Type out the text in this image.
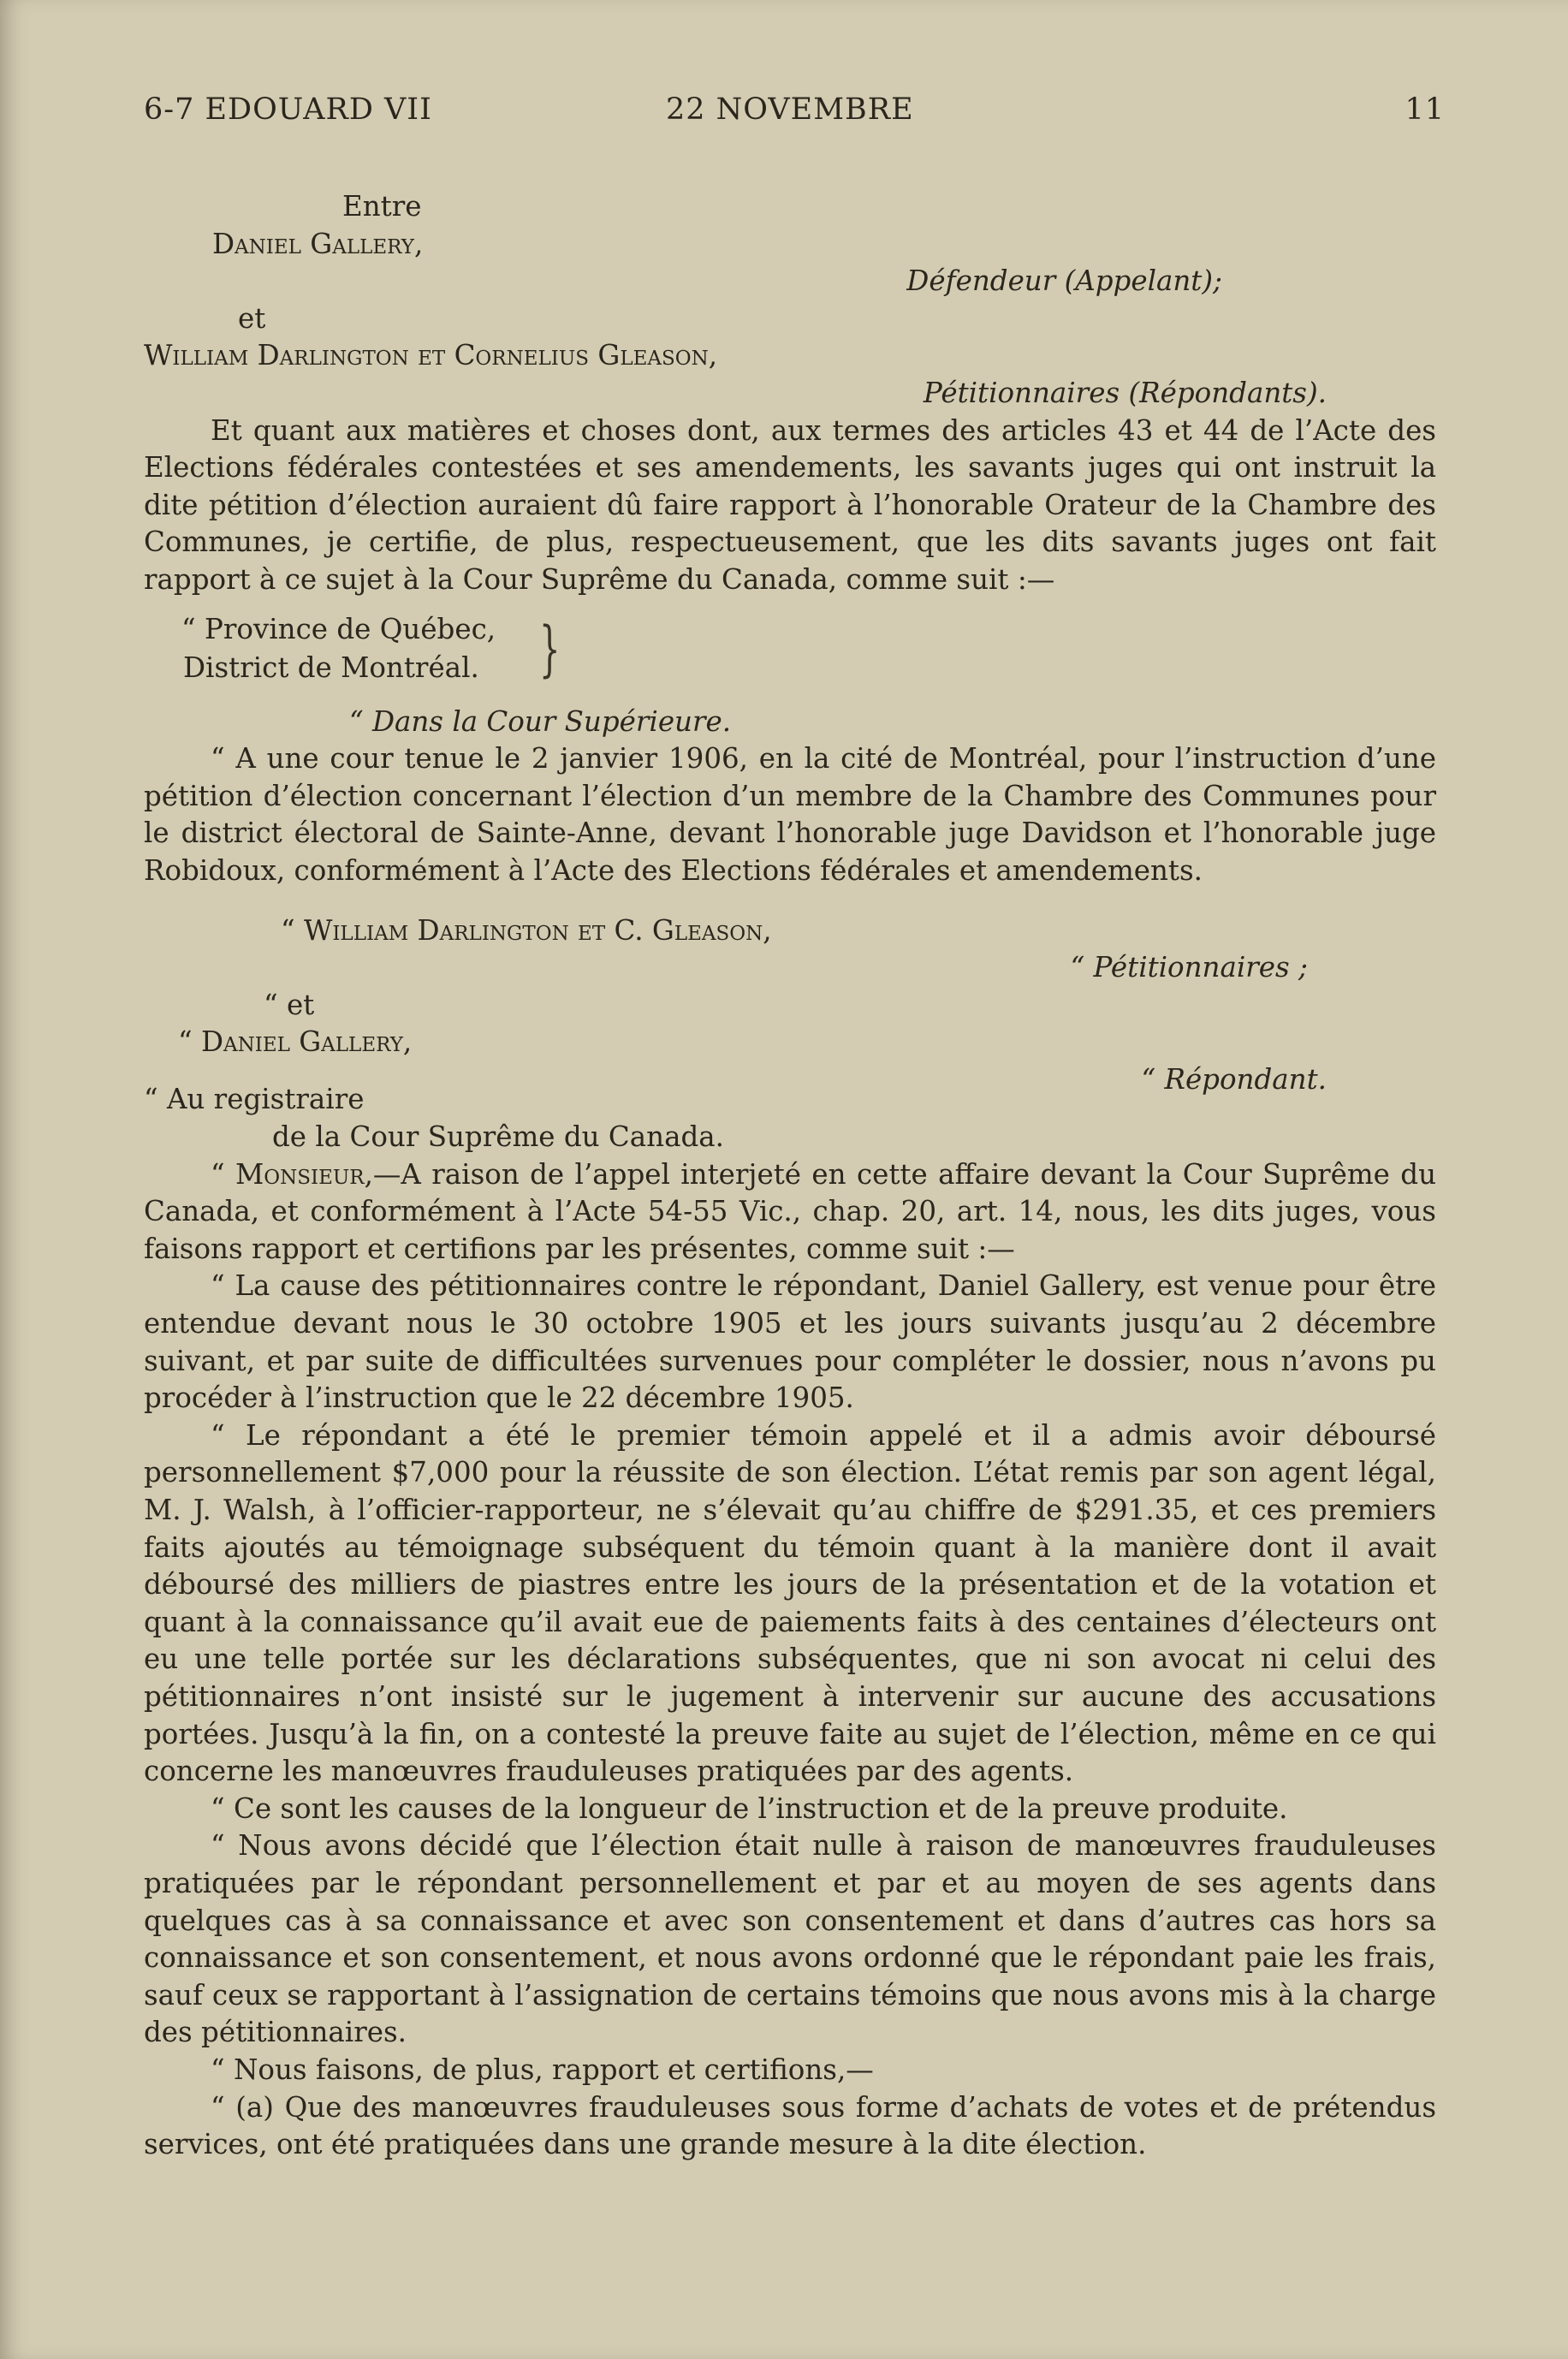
6-7 EDOUARD VII	22 NOVEMBRE	11

Entre

Daniel Gallery,

Défendeur (Appelant);

et

William Darlington et Cornelius Gleason,

Pétitionnaires (Répondants).

Et quant aux matières et choses dont, aux termes des articles 43 et 44 de l’Acte des Elections fédérales contestées et ses amendements, les savants juges qui ont instruit la dite pétition d’élection auraient dû faire rapport à l’honorable Orateur de la Chambre des Communes, je certifie, de plus, respectueusement, que les dits savants juges ont fait rapport à ce sujet à la Cour Suprême du Canada, comme suit :—

“ Province de Québec,
District de Montréal. }

“ Dans la Cour Supérieure.

“ A une cour tenue le 2 janvier 1906, en la cité de Montréal, pour l’instruction d’une pétition d’élection concernant l’élection d’un membre de la Chambre des Communes pour le district électoral de Sainte-Anne, devant l’honorable juge Davidson et l’honorable juge Robidoux, conformément à l’Acte des Elections fédérales et amendements.

“ William Darlington et C. Gleason,

“ Pétitionnaires ;

“ et

“ Daniel Gallery,

“ Répondant.

“ Au registraire

de la Cour Suprême du Canada.

“ Monsieur,—A raison de l’appel interjeté en cette affaire devant la Cour Suprême du Canada, et conformément à l’Acte 54-55 Vic., chap. 20, art. 14, nous, les dits juges, vous faisons rapport et certifions par les présentes, comme suit :—

“ La cause des pétitionnaires contre le répondant, Daniel Gallery, est venue pour être entendue devant nous le 30 octobre 1905 et les jours suivants jusqu’au 2 décembre suivant, et par suite de difficultées survenues pour compléter le dossier, nous n’avons pu procéder à l’instruction que le 22 décembre 1905.

“ Le répondant a été le premier témoin appelé et il a admis avoir déboursé personnellement $7,000 pour la réussite de son élection. L’état remis par son agent légal, M. J. Walsh, à l’officier-rapporteur, ne s’élevait qu’au chiffre de $291.35, et ces premiers faits ajoutés au témoignage subséquent du témoin quant à la manière dont il avait déboursé des milliers de piastres entre les jours de la présentation et de la votation et quant à la connaissance qu’il avait eue de paiements faits à des centaines d’électeurs ont eu une telle portée sur les déclarations subséquentes, que ni son avocat ni celui des pétitionnaires n’ont insisté sur le jugement à intervenir sur aucune des accusations portées. Jusqu’à la fin, on a contesté la preuve faite au sujet de l’élection, même en ce qui concerne les manœuvres frauduleuses pratiquées par des agents.

“ Ce sont les causes de la longueur de l’instruction et de la preuve produite.

“ Nous avons décidé que l’élection était nulle à raison de manœuvres frauduleuses pratiquées par le répondant personnellement et par et au moyen de ses agents dans quelques cas à sa connaissance et avec son consentement et dans d’autres cas hors sa connaissance et son consentement, et nous avons ordonné que le répondant paie les frais, sauf ceux se rapportant à l’assignation de certains témoins que nous avons mis à la charge des pétitionnaires.

“ Nous faisons, de plus, rapport et certifions,—

“ (a) Que des manœuvres frauduleuses sous forme d’achats de votes et de prétendus services, ont été pratiquées dans une grande mesure à la dite élection.
